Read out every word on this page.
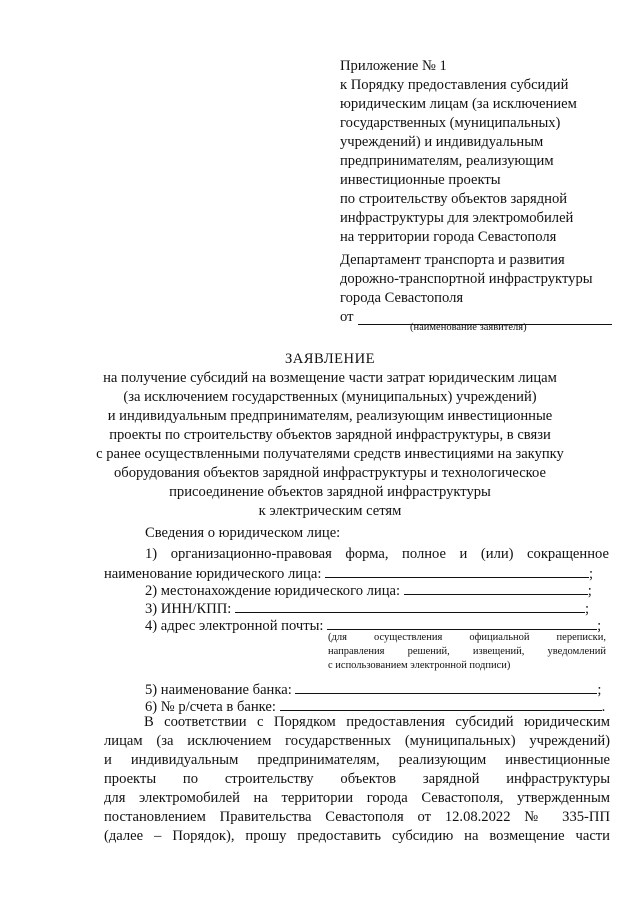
Приложение № 1
к Порядку предоставления субсидий
юридическим лицам (за исключением
государственных (муниципальных)
учреждений) и индивидуальным
предпринимателям, реализующим
инвестиционные проекты
по строительству объектов зарядной
инфраструктуры для электромобилей
на территории города Севастополя
Департамент транспорта и развития
дорожно-транспортной инфраструктуры
города Севастополя
от
(наименование заявителя)
ЗАЯВЛЕНИЕ
на получение субсидий на возмещение части затрат юридическим лицам
(за исключением государственных (муниципальных) учреждений)
и индивидуальным предпринимателям, реализующим инвестиционные
проекты по строительству объектов зарядной инфраструктуры, в связи
с ранее осуществленными получателями средств инвестициями на закупку
оборудования объектов зарядной инфраструктуры и технологическое
присоединение объектов зарядной инфраструктуры
к электрическим сетям
Сведения о юридическом лице:
1) организационно-правовая форма, полное и (или) сокращенное
наименование юридического лица:	;
2) местонахождение юридического лица:	;
3) ИНН/КПП:	;
4) адрес электронной почты:	;
(для осуществления официальной переписки,
направления решений, извещений, уведомлений
с использованием электронной подписи)
5) наименование банка:	;
6) № р/счета в банке:	.
В соответствии с Порядком предоставления субсидий юридическим
лицам (за исключением государственных (муниципальных) учреждений)
и индивидуальным предпринимателям, реализующим инвестиционные
проекты по строительству объектов зарядной инфраструктуры
для электромобилей на территории города Севастополя, утвержденным
постановлением Правительства Севастополя от 12.08.2022 № 335-ПП
(далее – Порядок), прошу предоставить субсидию на возмещение части
